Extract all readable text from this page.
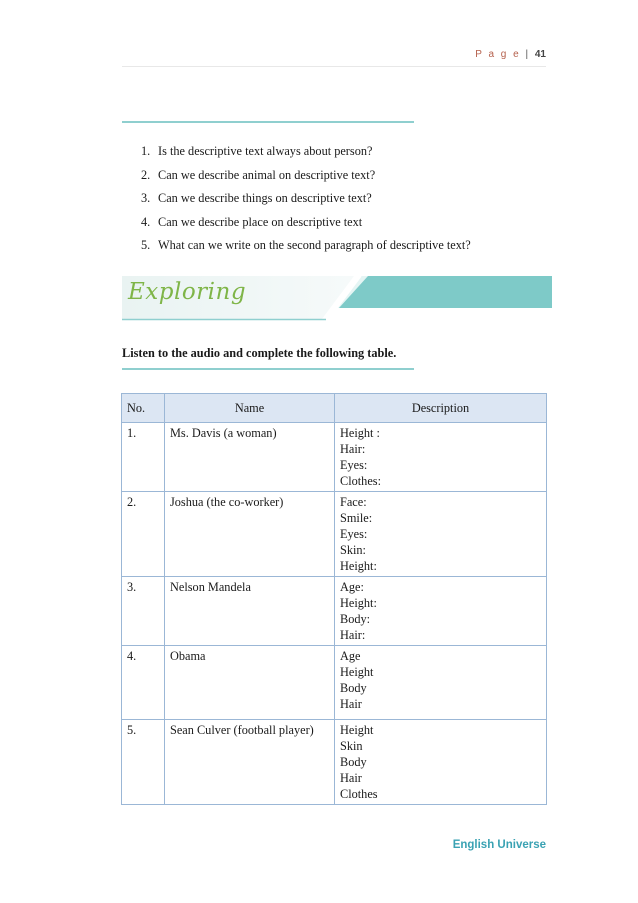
P a g e | 41
1. Is the descriptive text always about person?
2. Can we describe animal on descriptive text?
3. Can we describe things on descriptive text?
4. Can we describe place on descriptive text
5. What can we write on the second paragraph of descriptive text?
Exploring
Listen to the audio and complete the following table.
No.	Name	Description
1.	Ms. Davis (a woman)	Height :
Hair:
Eyes:
Clothes:

2.	Joshua (the co-worker)	Face:
Smile:
Eyes:
Skin:
Height:

3.	Nelson Mandela	Age:
Height:
Body:
Hair:

4.	Obama	Age
Height
Body
Hair

5.	Sean Culver (football player)	Height
Skin
Body
Hair
Clothes
English Universe
